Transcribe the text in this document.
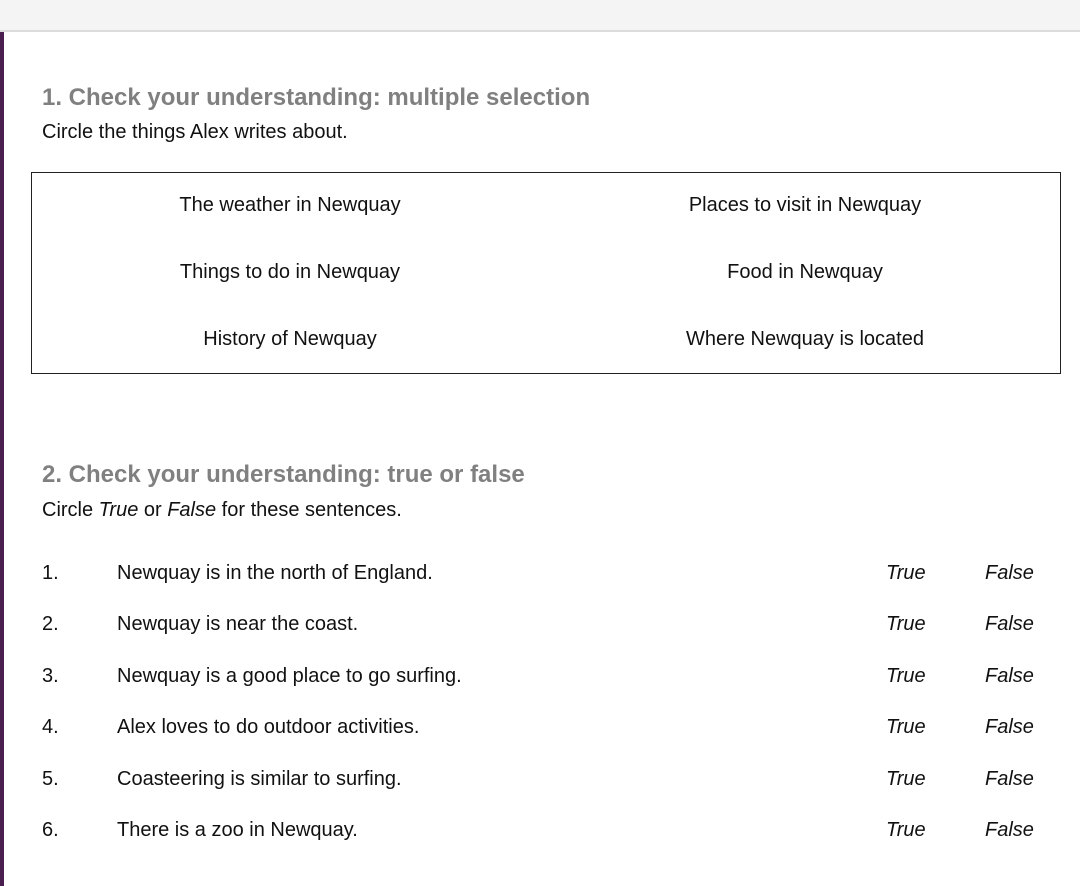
1. Check your understanding: multiple selection
Circle the things Alex writes about.
The weather in Newquay	Places to visit in Newquay
Things to do in Newquay	Food in Newquay
History of Newquay	Where Newquay is located
2. Check your understanding: true or false
Circle True or False for these sentences.
1.	Newquay is in the north of England.	True	False
2.	Newquay is near the coast.	True	False
3.	Newquay is a good place to go surfing.	True	False
4.	Alex loves to do outdoor activities.	True	False
5.	Coasteering is similar to surfing.	True	False
6.	There is a zoo in Newquay.	True	False
